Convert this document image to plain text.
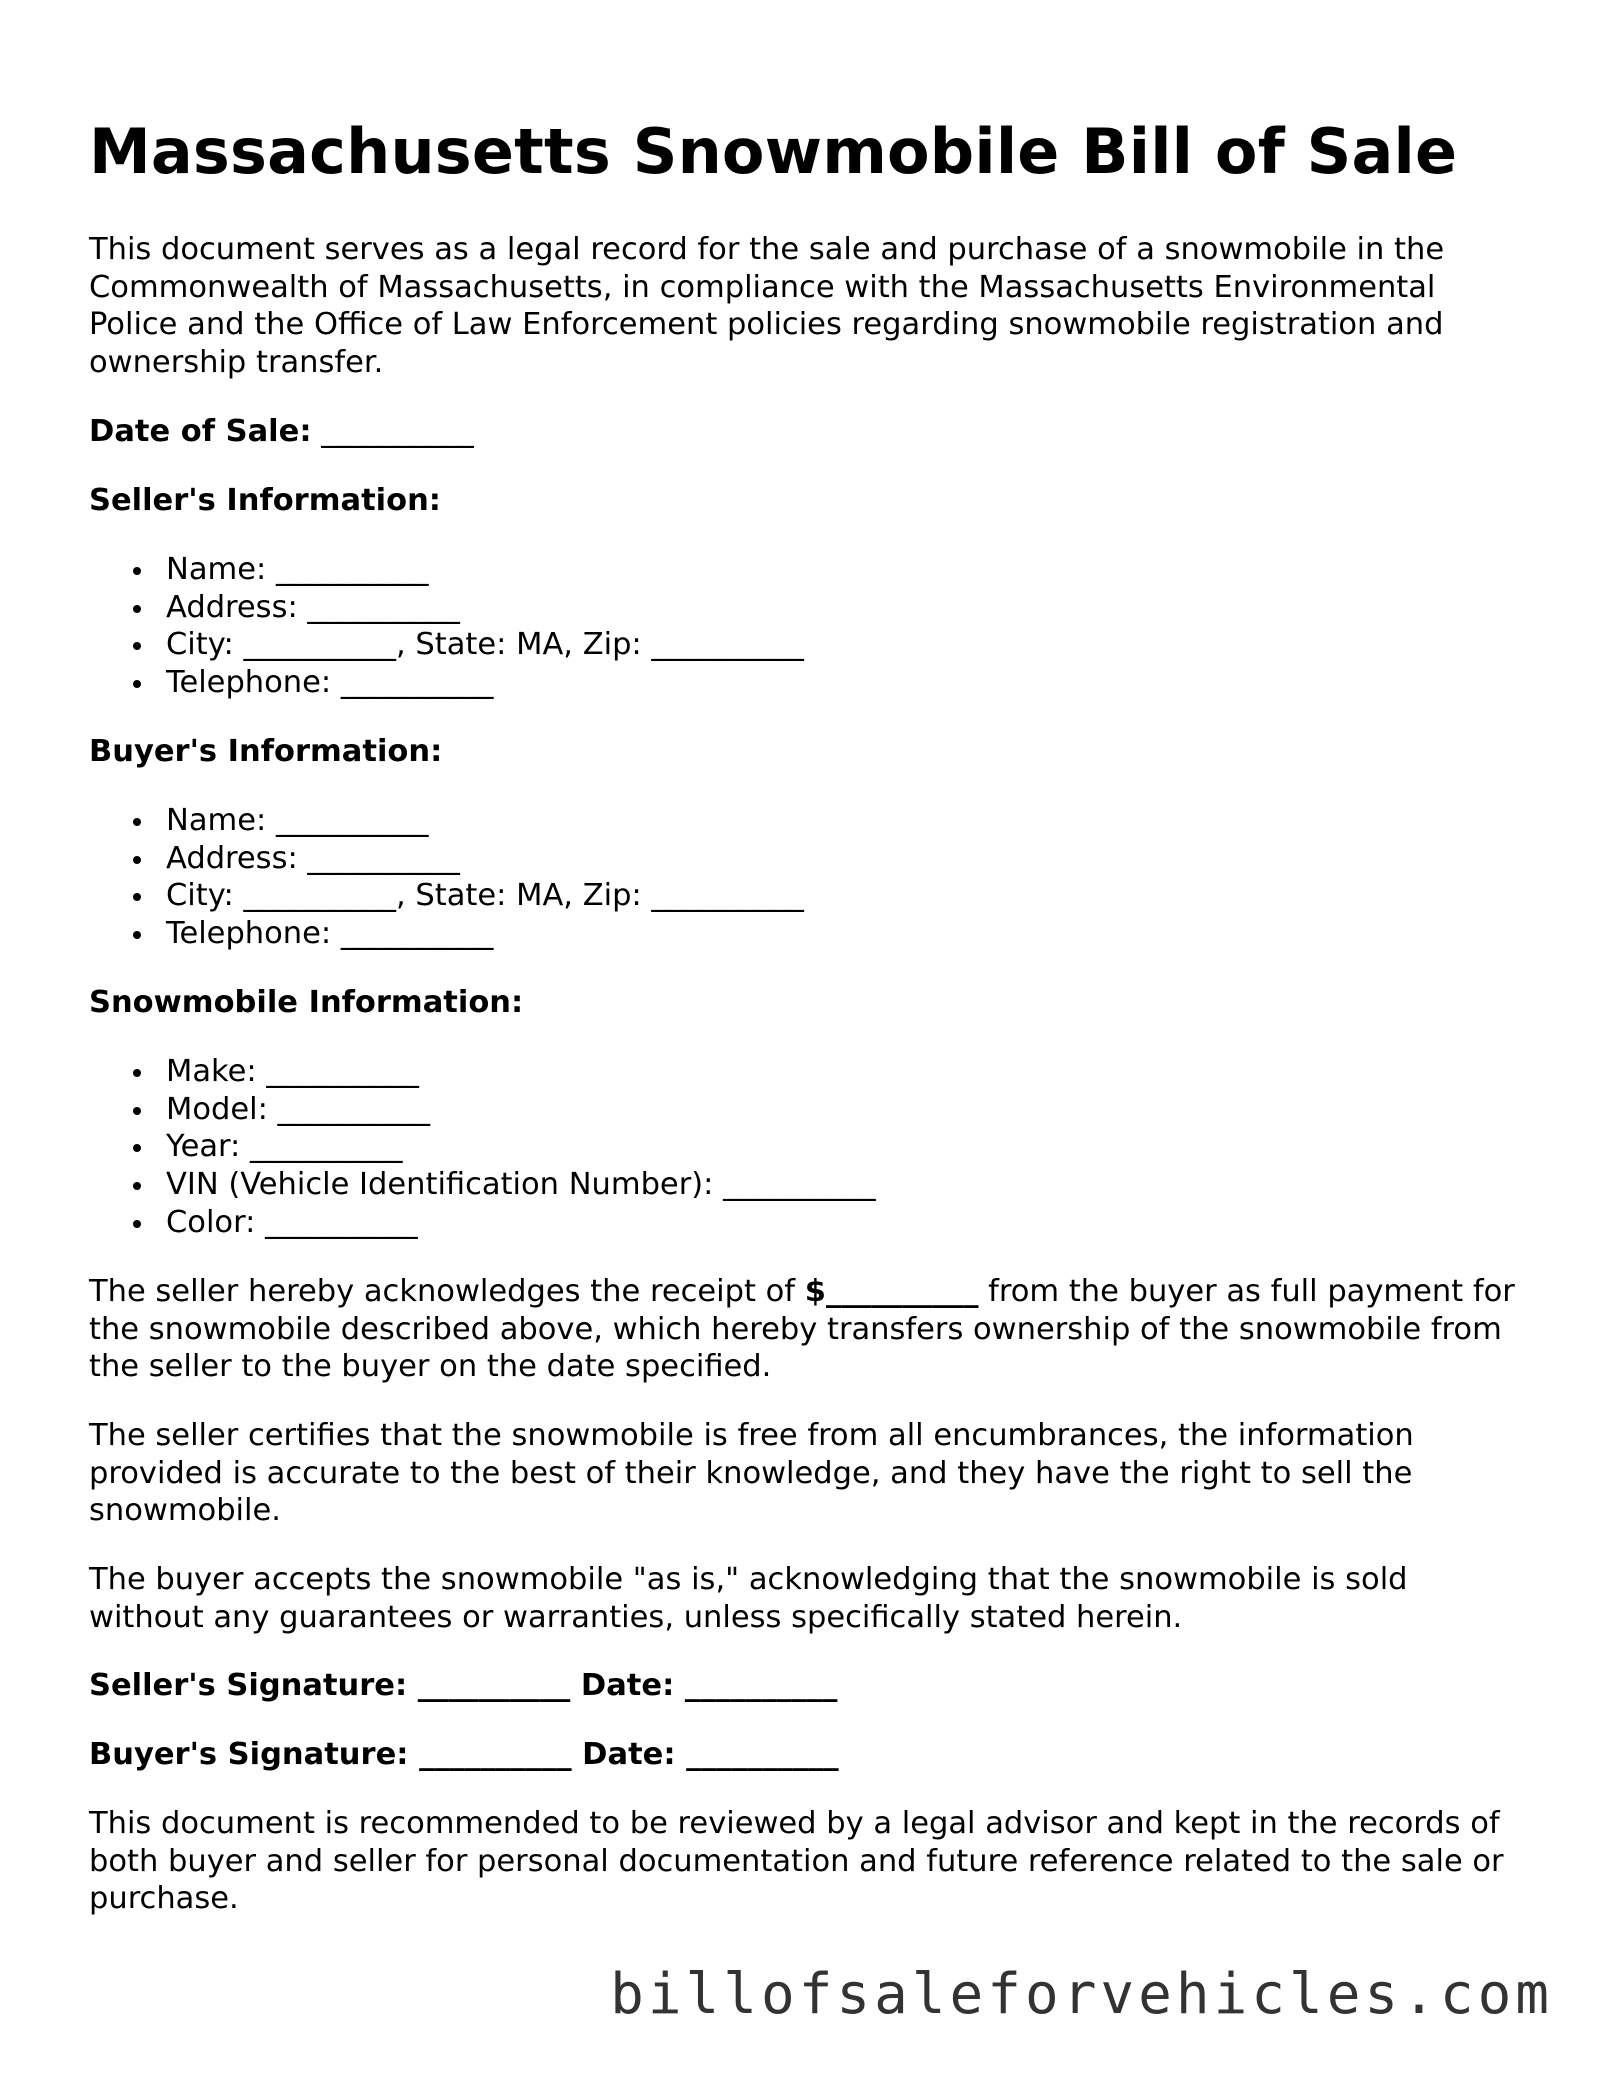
Massachusetts Snowmobile Bill of Sale

This document serves as a legal record for the sale and purchase of a snowmobile in the Commonwealth of Massachusetts, in compliance with the Massachusetts Environmental Police and the Office of Law Enforcement policies regarding snowmobile registration and ownership transfer.

Date of Sale: __________

Seller's Information:

Name: __________
Address: __________
City: __________, State: MA, Zip: __________
Telephone: __________

Buyer's Information:

Name: __________
Address: __________
City: __________, State: MA, Zip: __________
Telephone: __________

Snowmobile Information:

Make: __________
Model: __________
Year: __________
VIN (Vehicle Identification Number): __________
Color: __________

The seller hereby acknowledges the receipt of $__________ from the buyer as full payment for the snowmobile described above, which hereby transfers ownership of the snowmobile from the seller to the buyer on the date specified.

The seller certifies that the snowmobile is free from all encumbrances, the information provided is accurate to the best of their knowledge, and they have the right to sell the snowmobile.

The buyer accepts the snowmobile "as is," acknowledging that the snowmobile is sold without any guarantees or warranties, unless specifically stated herein.

Seller's Signature: __________ Date: __________

Buyer's Signature: __________ Date: __________

This document is recommended to be reviewed by a legal advisor and kept in the records of both buyer and seller for personal documentation and future reference related to the sale or purchase.

billofsaleforvehicles.com
